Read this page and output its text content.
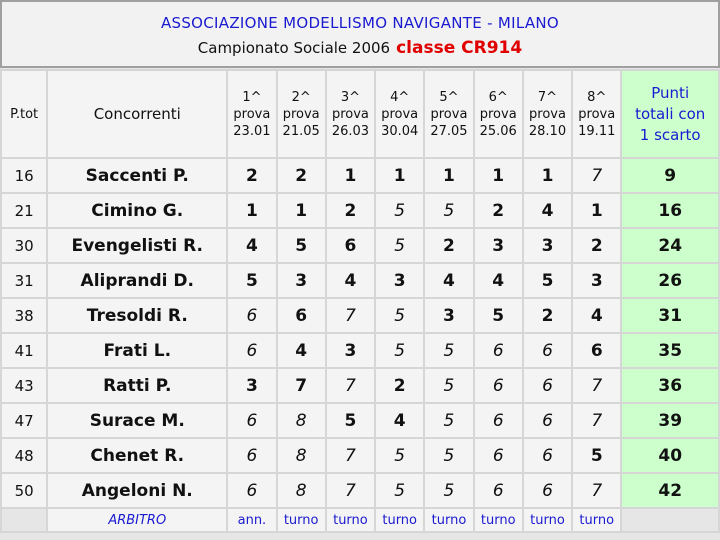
ASSOCIAZIONE MODELLISMO NAVIGANTE - MILANO
Campionato Sociale 2006 classe CR914
P.tot	Concorrenti	1^
prova
23.01	2^
prova
21.05	3^
prova
26.03	4^
prova
30.04	5^
prova
27.05	6^
prova
25.06	7^
prova
28.10	8^
prova
19.11	Punti
totali con
1 scarto
16	Saccenti P.	2	2	1	1	1	1	1	7	9
21	Cimino G.	1	1	2	5	5	2	4	1	16
30	Evengelisti R.	4	5	6	5	2	3	3	2	24
31	Aliprandi D.	5	3	4	3	4	4	5	3	26
38	Tresoldi R.	6	6	7	5	3	5	2	4	31
41	Frati L.	6	4	3	5	5	6	6	6	35
43	Ratti P.	3	7	7	2	5	6	6	7	36
47	Surace M.	6	8	5	4	5	6	6	7	39
48	Chenet R.	6	8	7	5	5	6	6	5	40
50	Angeloni N.	6	8	7	5	5	6	6	7	42
	ARBITRO	ann.	turno	turno	turno	turno	turno	turno	turno	
